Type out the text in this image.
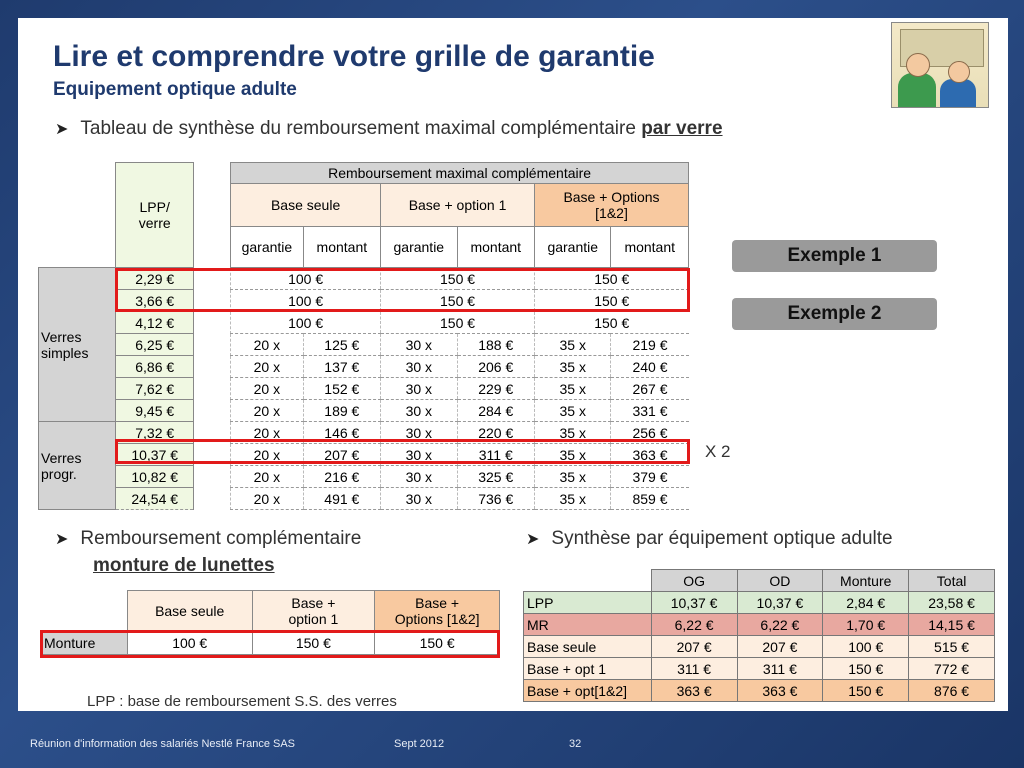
Lire et comprendre votre grille de garantie
Equipement optique adulte
➤ Tableau de synthèse du remboursement maximal complémentaire par verre
	LPP/
verre		Remboursement maximal complémentaire					
			Base seule		Base + option 1		Base + Options
[1&2]	
			garantie	montant	garantie	montant	garantie	montant
Verres
simples	2,29 €		100 €		150 €		150 €	
	3,66 €		100 €		150 €		150 €	
	4,12 €		100 €		150 €		150 €	
	6,25 €		20 x	125 €	30 x	188 €	35 x	219 €
	6,86 €		20 x	137 €	30 x	206 €	35 x	240 €
	7,62 €		20 x	152 €	30 x	229 €	35 x	267 €
	9,45 €		20 x	189 €	30 x	284 €	35 x	331 €
Verres
progr.	7,32 €		20 x	146 €	30 x	220 €	35 x	256 €
	10,37 €		20 x	207 €	30 x	311 €	35 x	363 €
	10,82 €		20 x	216 €	30 x	325 €	35 x	379 €
	24,54 €		20 x	491 €	30 x	736 €	35 x	859 €
Exemple 1
Exemple 2
X 2
➤ Remboursement complémentaire
monture de lunettes
	Base seule	Base +
option 1	Base +
Options [1&2]
Monture	100 €	150 €	150 €
➤ Synthèse par équipement optique adulte
	OG	OD	Monture	Total
LPP	10,37 €	10,37 €	2,84 €	23,58 €
MR	6,22 €	6,22 €	1,70 €	14,15 €
Base seule	207 €	207 €	100 €	515 €
Base + opt 1	311 €	311 €	150 €	772 €
Base + opt[1&2]	363 €	363 €	150 €	876 €
LPP : base de remboursement S.S. des verres
Réunion d'information des salariés Nestlé France SAS	Sept 2012	32
